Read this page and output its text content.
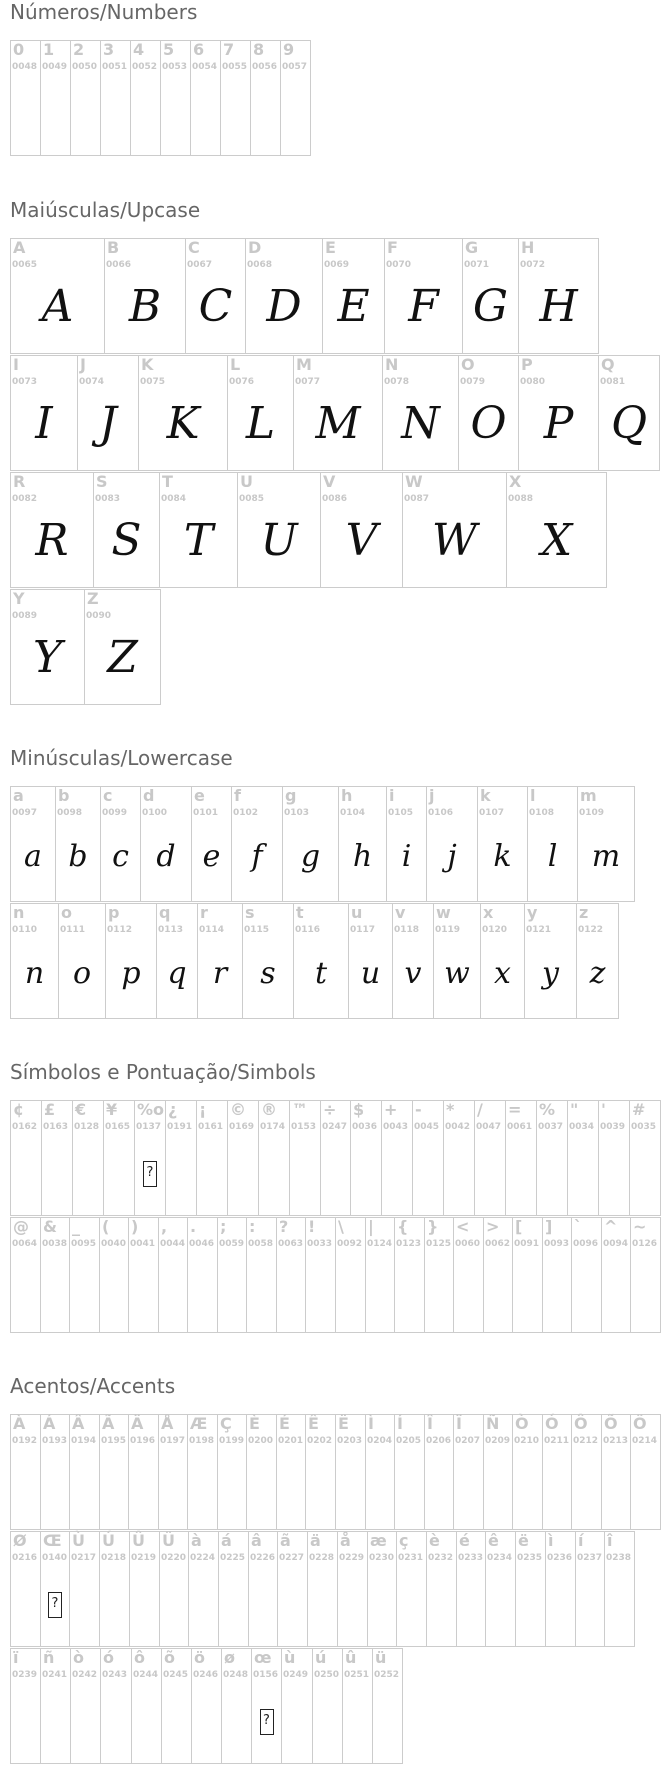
Números/Numbers
0
0048
1
0049
2
0050
3
0051
4
0052
5
0053
6
0054
7
0055
8
0056
9
0057
Maiúsculas/Upcase
A
0065
A
B
0066
B
C
0067
C
D
0068
D
E
0069
E
F
0070
F
G
0071
G
H
0072
H
I
0073
I
J
0074
J
K
0075
K
L
0076
L
M
0077
M
N
0078
N
O
0079
O
P
0080
P
Q
0081
Q
R
0082
R
S
0083
S
T
0084
T
U
0085
U
V
0086
V
W
0087
W
X
0088
X
Y
0089
Y
Z
0090
Z
Minúsculas/Lowercase
a
0097
a
b
0098
b
c
0099
c
d
0100
d
e
0101
e
f
0102
f
g
0103
g
h
0104
h
i
0105
i
j
0106
j
k
0107
k
l
0108
l
m
0109
m
n
0110
n
o
0111
o
p
0112
p
q
0113
q
r
0114
r
s
0115
s
t
0116
t
u
0117
u
v
0118
v
w
0119
w
x
0120
x
y
0121
y
z
0122
z
Símbolos e Pontuação/Simbols
¢
0162
£
0163
€
0128
¥
0165
%o
0137
?
¿
0191
¡
0161
©
0169
®
0174
™
0153
÷
0247
$
0036
+
0043
-
0045
*
0042
/
0047
=
0061
%
0037
"
0034
'
0039
#
0035
@
0064
&
0038
_
0095
(
0040
)
0041
,
0044
.
0046
;
0059
:
0058
?
0063
!
0033
\
0092
|
0124
{
0123
}
0125
<
0060
>
0062
[
0091
]
0093
`
0096
^
0094
~
0126
Acentos/Accents
À
0192
Á
0193
Â
0194
Ã
0195
Ä
0196
Å
0197
Æ
0198
Ç
0199
È
0200
É
0201
Ê
0202
Ë
0203
Ì
0204
Í
0205
Î
0206
Ï
0207
Ñ
0209
Ò
0210
Ó
0211
Ô
0212
Õ
0213
Ö
0214
Ø
0216
Œ
0140
?
Ù
0217
Ú
0218
Û
0219
Ü
0220
à
0224
á
0225
â
0226
ã
0227
ä
0228
å
0229
æ
0230
ç
0231
è
0232
é
0233
ê
0234
ë
0235
ì
0236
í
0237
î
0238
ï
0239
ñ
0241
ò
0242
ó
0243
ô
0244
õ
0245
ö
0246
ø
0248
œ
0156
?
ù
0249
ú
0250
û
0251
ü
0252
